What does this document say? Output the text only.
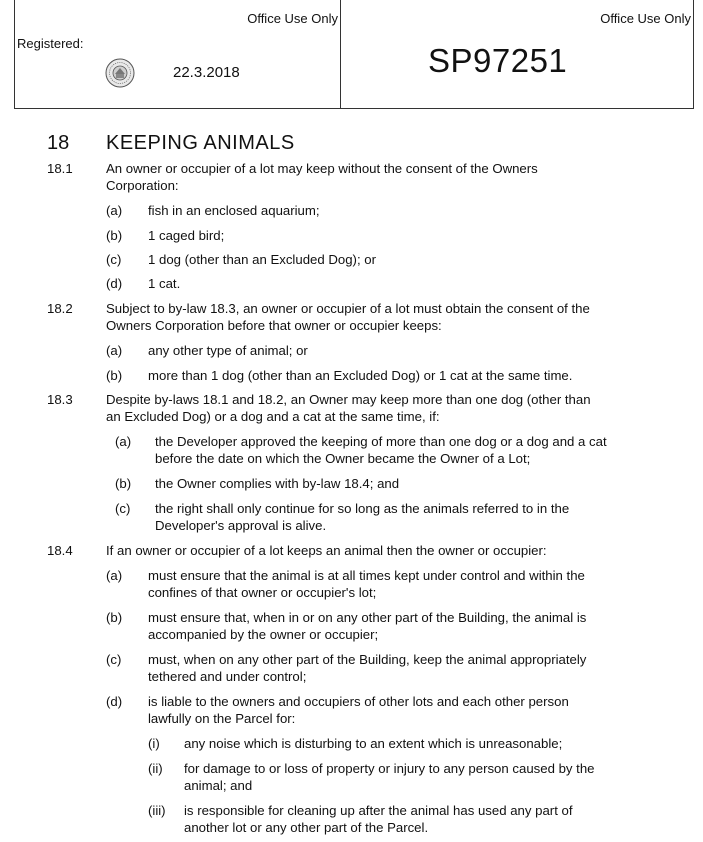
Office Use Only	Office Use Only
Registered:
22.3.2018	SP97251
18 KEEPING ANIMALS
18.1	An owner or occupier of a lot may keep without the consent of the Owners
Corporation:
(a) fish in an enclosed aquarium;
(b) 1 caged bird;
(c) 1 dog (other than an Excluded Dog); or
(d) 1 cat.
18.2	Subject to by-law 18.3, an owner or occupier of a lot must obtain the consent of the
Owners Corporation before that owner or occupier keeps:
(a) any other type of animal; or
(b) more than 1 dog (other than an Excluded Dog) or 1 cat at the same time.
18.3	Despite by-laws 18.1 and 18.2, an Owner may keep more than one dog (other than
an Excluded Dog) or a dog and a cat at the same time, if:
(a) the Developer approved the keeping of more than one dog or a dog and a cat
before the date on which the Owner became the Owner of a Lot;
(b) the Owner complies with by-law 18.4; and
(c) the right shall only continue for so long as the animals referred to in the
Developer's approval is alive.
18.4	If an owner or occupier of a lot keeps an animal then the owner or occupier:
(a) must ensure that the animal is at all times kept under control and within the
confines of that owner or occupier's lot;
(b) must ensure that, when in or on any other part of the Building, the animal is
accompanied by the owner or occupier;
(c) must, when on any other part of the Building, keep the animal appropriately
tethered and under control;
(d) is liable to the owners and occupiers of other lots and each other person
lawfully on the Parcel for:
(i) any noise which is disturbing to an extent which is unreasonable;
(ii) for damage to or loss of property or injury to any person caused by the
animal; and
(iii) is responsible for cleaning up after the animal has used any part of
another lot or any other part of the Parcel.
